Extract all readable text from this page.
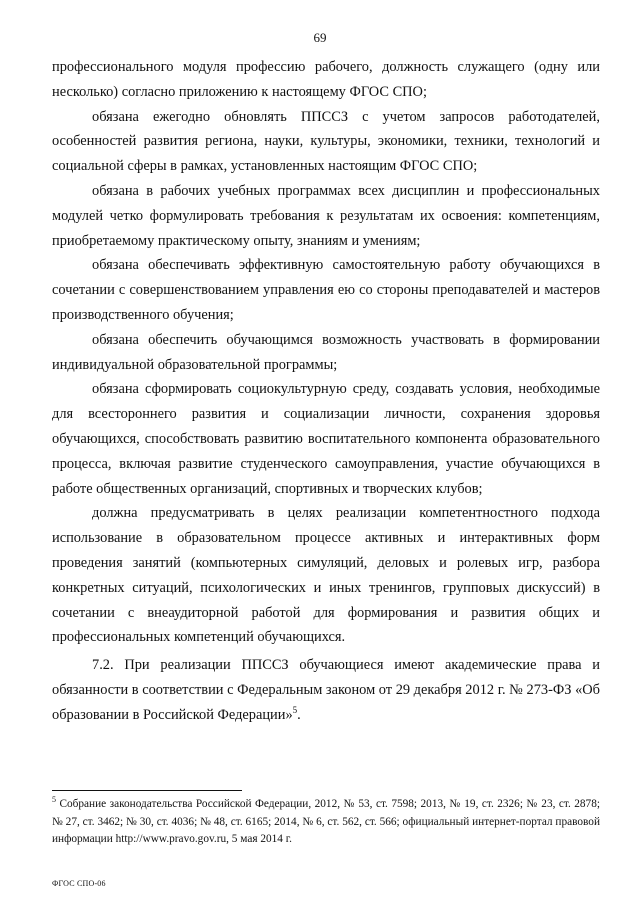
69

профессионального модуля профессию рабочего, должность служащего (одну или несколько) согласно приложению к настоящему ФГОС СПО;

обязана ежегодно обновлять ППССЗ с учетом запросов работодателей, особенностей развития региона, науки, культуры, экономики, техники, технологий и социальной сферы в рамках, установленных настоящим ФГОС СПО;

обязана в рабочих учебных программах всех дисциплин и профессиональных модулей четко формулировать требования к результатам их освоения: компетенциям, приобретаемому практическому опыту, знаниям и умениям;

обязана обеспечивать эффективную самостоятельную работу обучающихся в сочетании с совершенствованием управления ею со стороны преподавателей и мастеров производственного обучения;

обязана обеспечить обучающимся возможность участвовать в формировании индивидуальной образовательной программы;

обязана сформировать социокультурную среду, создавать условия, необходимые для всестороннего развития и социализации личности, сохранения здоровья обучающихся, способствовать развитию воспитательного компонента образовательного процесса, включая развитие студенческого самоуправления, участие обучающихся в работе общественных организаций, спортивных и творческих клубов;

должна предусматривать в целях реализации компетентностного подхода использование в образовательном процессе активных и интерактивных форм проведения занятий (компьютерных симуляций, деловых и ролевых игр, разбора конкретных ситуаций, психологических и иных тренингов, групповых дискуссий) в сочетании с внеаудиторной работой для формирования и развития общих и профессиональных компетенций обучающихся.

7.2. При реализации ППССЗ обучающиеся имеют академические права и обязанности в соответствии с Федеральным законом от 29 декабря 2012 г. № 273-ФЗ «Об образовании в Российской Федерации»$^5$.

$^5$ Собрание законодательства Российской Федерации, 2012, № 53, ст. 7598; 2013, № 19, ст. 2326; № 23, ст. 2878; № 27, ст. 3462; № 30, ст. 4036; № 48, ст. 6165; 2014, № 6, ст. 562, ст. 566; официальный интернет-портал правовой информации http://www.pravo.gov.ru, 5 мая 2014 г.
ФГОС СПО-06
